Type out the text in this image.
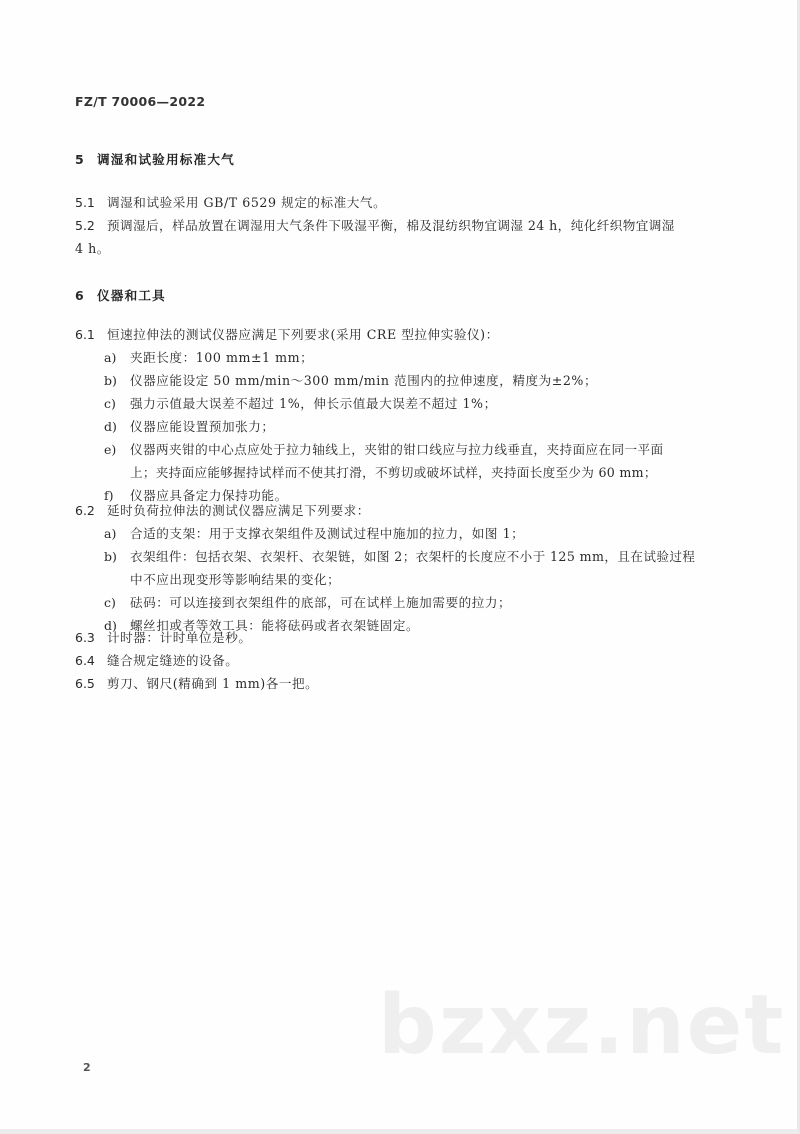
FZ/T 70006—2022
5 调湿和试验用标准大气
5.1 调湿和试验采用 GB/T 6529 规定的标准大气。
5.2 预调湿后，样品放置在调湿用大气条件下吸湿平衡，棉及混纺织物宜调湿 24 h，纯化纤织物宜调湿
4 h。
6 仪器和工具
6.1 恒速拉伸法的测试仪器应满足下列要求(采用 CRE 型拉伸实验仪)：
a) 夹距长度：100 mm±1 mm；
b) 仪器应能设定 50 mm/min～300 mm/min 范围内的拉伸速度，精度为±2%；
c) 强力示值最大误差不超过 1%，伸长示值最大误差不超过 1%；
d) 仪器应能设置预加张力；
e) 仪器两夹钳的中心点应处于拉力轴线上，夹钳的钳口线应与拉力线垂直，夹持面应在同一平面
上；夹持面应能够握持试样而不使其打滑，不剪切或破坏试样，夹持面长度至少为 60 mm；
f) 仪器应具备定力保持功能。
6.2 延时负荷拉伸法的测试仪器应满足下列要求：
a) 合适的支架：用于支撑衣架组件及测试过程中施加的拉力，如图 1；
b) 衣架组件：包括衣架、衣架杆、衣架链，如图 2；衣架杆的长度应不小于 125 mm，且在试验过程
中不应出现变形等影响结果的变化；
c) 砝码：可以连接到衣架组件的底部，可在试样上施加需要的拉力；
d) 螺丝扣或者等效工具：能将砝码或者衣架链固定。
6.3 计时器：计时单位是秒。
6.4 缝合规定缝迹的设备。
6.5 剪刀、钢尺(精确到 1 mm)各一把。
bzxz.net
2
